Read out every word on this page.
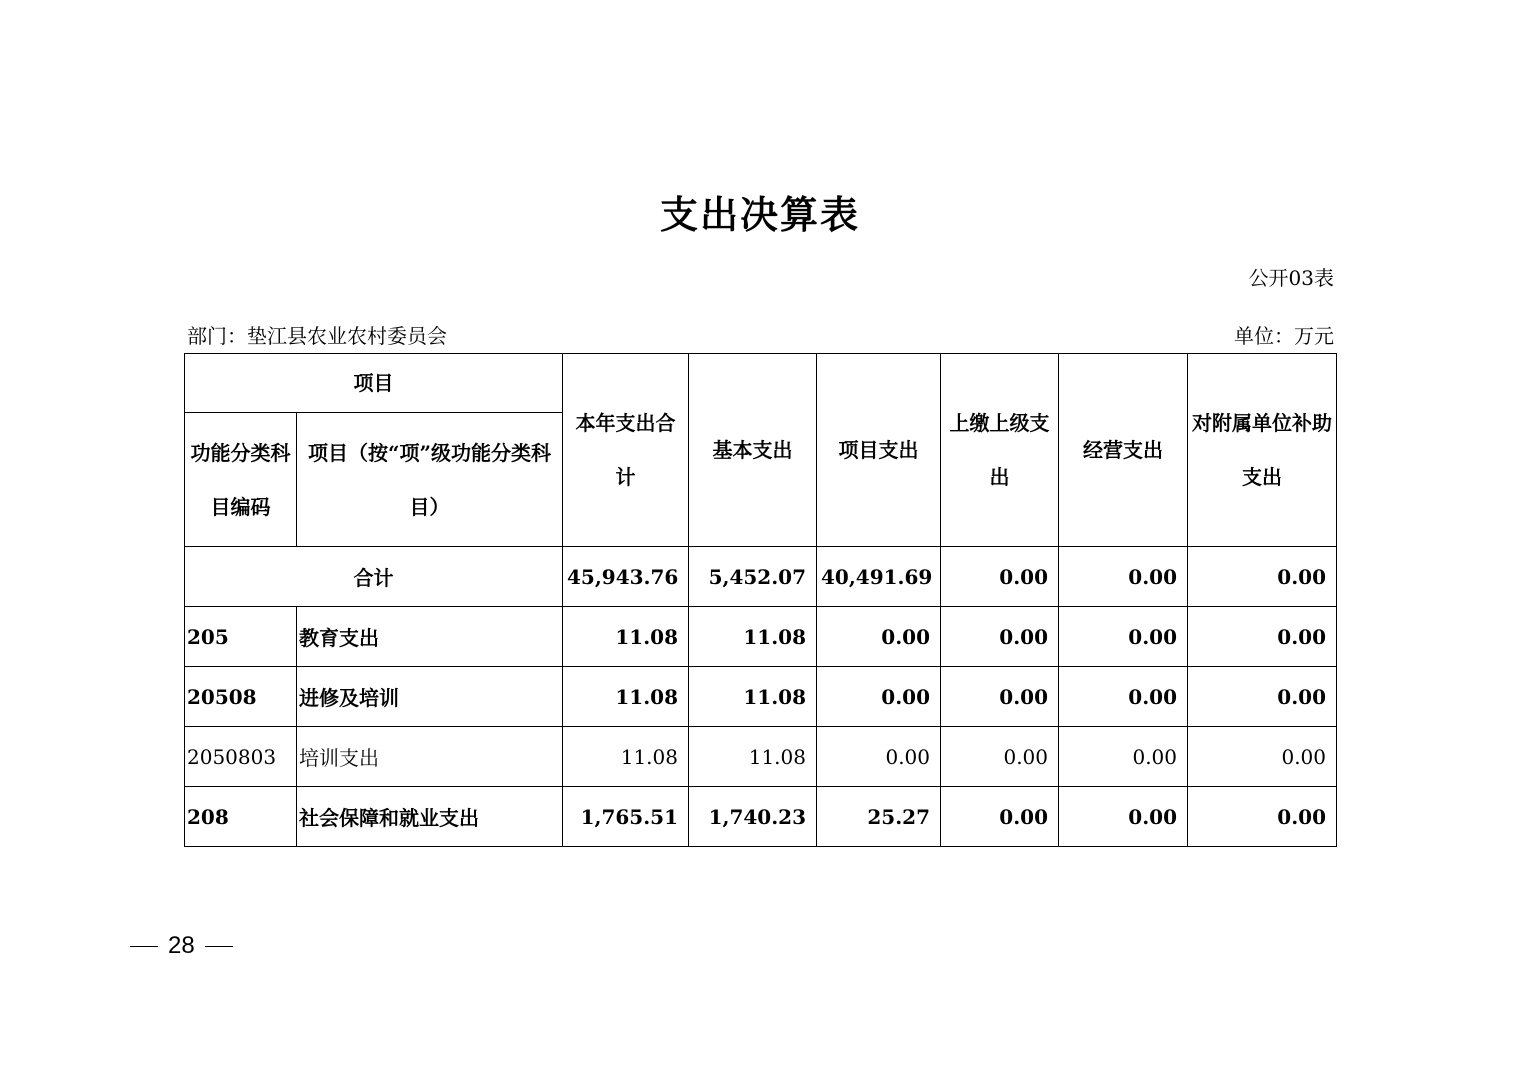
支出决算表
公开03表
部门：垫江县农业农村委员会	单位：万元
项目		本年支出合计	基本支出	项目支出	上缴上级支出	经营支出	对附属单位补助支出
功能分类科目编码	项目（按“项”级功能分类科目）						
合计		45,943.76	5,452.07	40,491.69	0.00	0.00	0.00
205	教育支出	11.08	11.08	0.00	0.00	0.00	0.00
20508	进修及培训	11.08	11.08	0.00	0.00	0.00	0.00
2050803	培训支出	11.08	11.08	0.00	0.00	0.00	0.00
208	社会保障和就业支出	1,765.51	1,740.23	25.27	0.00	0.00	0.00
28
